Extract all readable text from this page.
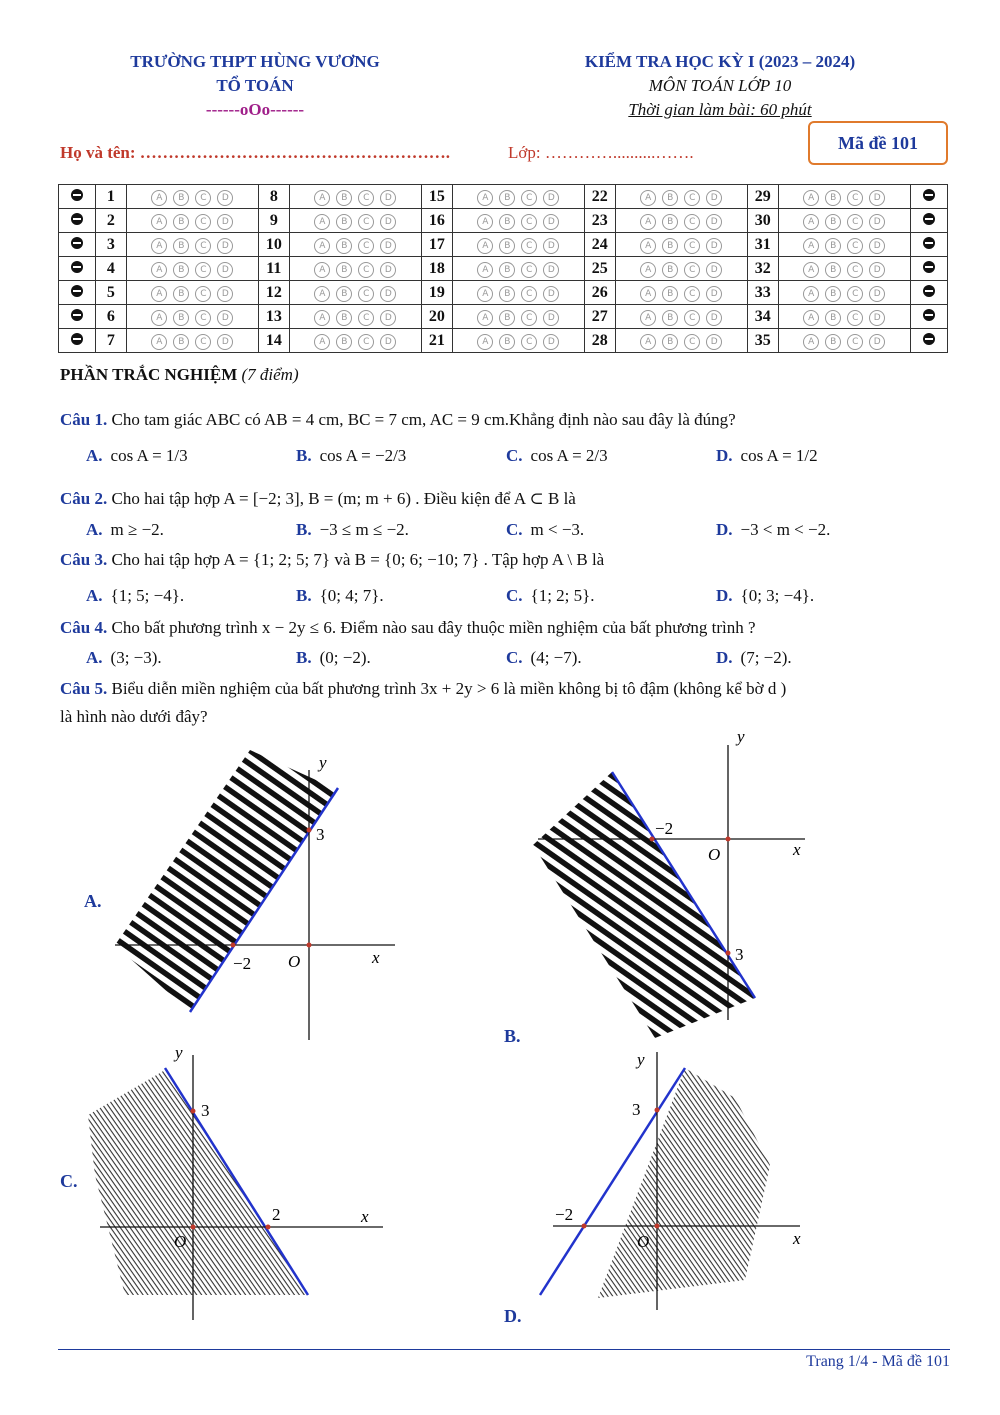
TRƯỜNG THPT HÙNG VƯƠNG
TỔ TOÁN
------oOo------
KIỂM TRA HỌC KỲ I (2023 – 2024)
MÔN TOÁN LỚP 10
Thời gian làm bài: 60 phút
Họ và tên: ……………………………………………….	Lớp: …………..........…….	Mã đề 101
	1	A B C D	8	A B C D	15	A B C D	22	A B C D	29	A B C D	
	2	A B C D	9	A B C D	16	A B C D	23	A B C D	30	A B C D	
	3	A B C D	10	A B C D	17	A B C D	24	A B C D	31	A B C D	
	4	A B C D	11	A B C D	18	A B C D	25	A B C D	32	A B C D	
	5	A B C D	12	A B C D	19	A B C D	26	A B C D	33	A B C D	
	6	A B C D	13	A B C D	20	A B C D	27	A B C D	34	A B C D	
	7	A B C D	14	A B C D	21	A B C D	28	A B C D	35	A B C D	
PHẦN TRẮC NGHIỆM (7 điểm)
Câu 1. Cho tam giác ABC có AB = 4 cm, BC = 7 cm, AC = 9 cm.Khẳng định nào sau đây là đúng?
A. cos A = 1/3	B. cos A = −2/3	C. cos A = 2/3	D. cos A = 1/2
Câu 2. Cho hai tập hợp A = [−2; 3], B = (m; m + 6) . Điều kiện để A ⊂ B là
A. m ≥ −2.	B. −3 ≤ m ≤ −2.	C. m < −3.	D. −3 < m < −2.
Câu 3. Cho hai tập hợp A = {1; 2; 5; 7} và B = {0; 6; −10; 7} . Tập hợp A \ B là
A. {1; 5; −4}.	B. {0; 4; 7}.	C. {1; 2; 5}.	D. {0; 3; −4}.
Câu 4. Cho bất phương trình x − 2y ≤ 6. Điểm nào sau đây thuộc miền nghiệm của bất phương trình ?
A. (3; −3).	B. (0; −2).	C. (4; −7).	D. (7; −2).
Câu 5. Biểu diễn miền nghiệm của bất phương trình 3x + 2y > 6 là miền không bị tô đậm (không kể bờ d )
là hình nào dưới đây?
y
x
O
3
−2
A.
y
x
O
−2
3
B.
y
x
O
3
2
C.
y
x
O
3
−2
D.
Trang 1/4 - Mã đề 101
